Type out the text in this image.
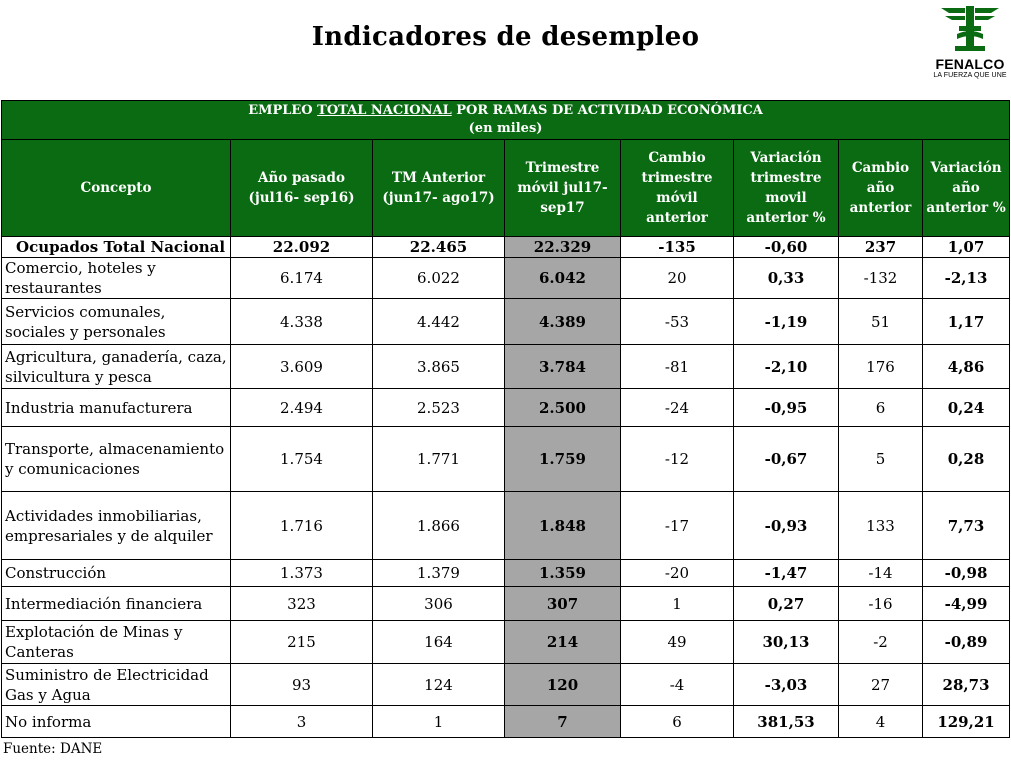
Indicadores de desempleo
FENALCO
LA FUERZA QUE UNE
EMPLEO TOTAL NACIONAL POR RAMAS DE ACTIVIDAD ECONÓMICA
(en miles)							
Concepto	Año pasado (jul16- sep16)	TM Anterior (jun17- ago17)	Trimestre móvil jul17-sep17	Cambio trimestre móvil anterior	Variación trimestre movil anterior %	Cambio año anterior	Variación año anterior %
Ocupados Total Nacional	22.092	22.465	22.329	-135	-0,60	237	1,07
Comercio, hoteles y restaurantes	6.174	6.022	6.042	20	0,33	-132	-2,13
Servicios comunales, sociales y personales	4.338	4.442	4.389	-53	-1,19	51	1,17
Agricultura, ganadería, caza, silvicultura y pesca	3.609	3.865	3.784	-81	-2,10	176	4,86
Industria manufacturera	2.494	2.523	2.500	-24	-0,95	6	0,24
Transporte, almacenamiento y comunicaciones	1.754	1.771	1.759	-12	-0,67	5	0,28
Actividades inmobiliarias, empresariales y de alquiler	1.716	1.866	1.848	-17	-0,93	133	7,73
Construcción	1.373	1.379	1.359	-20	-1,47	-14	-0,98
Intermediación financiera	323	306	307	1	0,27	-16	-4,99
Explotación de Minas y Canteras	215	164	214	49	30,13	-2	-0,89
Suministro de Electricidad Gas y Agua	93	124	120	-4	-3,03	27	28,73
No informa	3	1	7	6	381,53	4	129,21
Fuente: DANE
